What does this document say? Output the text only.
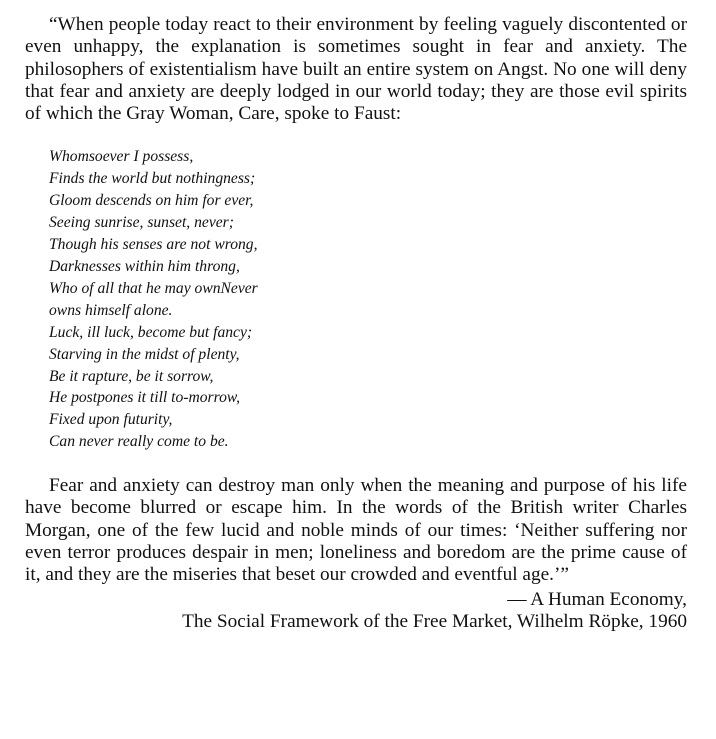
“When people today react to their environment by feeling vaguely discontented or even unhappy, the explanation is sometimes sought in fear and anxiety. The philosophers of existentialism have built an entire system on Angst. No one will deny that fear and anxiety are deeply lodged in our world today; they are those evil spirits of which the Gray Woman, Care, spoke to Faust:

Whomsoever I possess,
Finds the world but nothingness;
Gloom descends on him for ever,
Seeing sunrise, sunset, never;
Though his senses are not wrong,
Darknesses within him throng,
Who of all that he may ownNever
owns himself alone.
Luck, ill luck, become but fancy;
Starving in the midst of plenty,
Be it rapture, be it sorrow,
He postpones it till to-morrow,
Fixed upon futurity,
Can never really come to be.

Fear and anxiety can destroy man only when the meaning and purpose of his life have become blurred or escape him. In the words of the British writer Charles Morgan, one of the few lucid and noble minds of our times: ‘Neither suffering nor even terror produces despair in men; loneliness and boredom are the prime cause of it, and they are the miseries that beset our crowded and eventful age.’”

— A Human Economy,
The Social Framework of the Free Market, Wilhelm Röpke, 1960
